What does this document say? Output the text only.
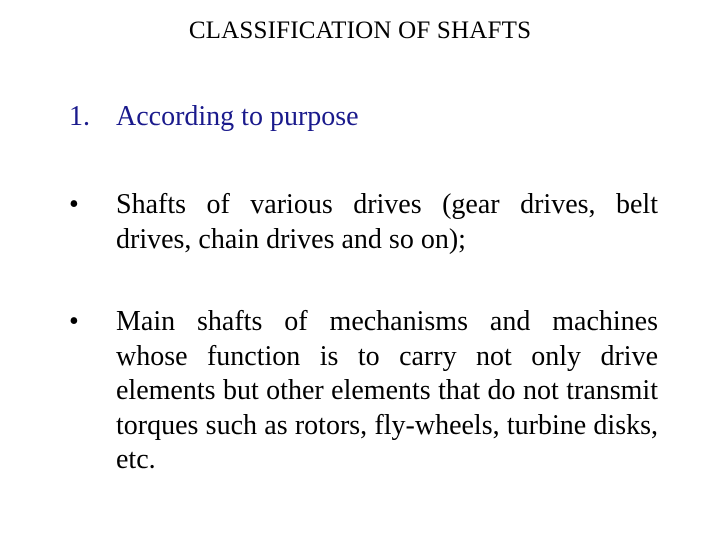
CLASSIFICATION OF SHAFTS
1. According to purpose
•	Shafts of various drives (gear drives, belt drives, chain drives and so on);
•	Main shafts of mechanisms and machines whose function is to carry not only drive elements but other elements that do not transmit torques such as rotors, fly-wheels, turbine disks, etc.
